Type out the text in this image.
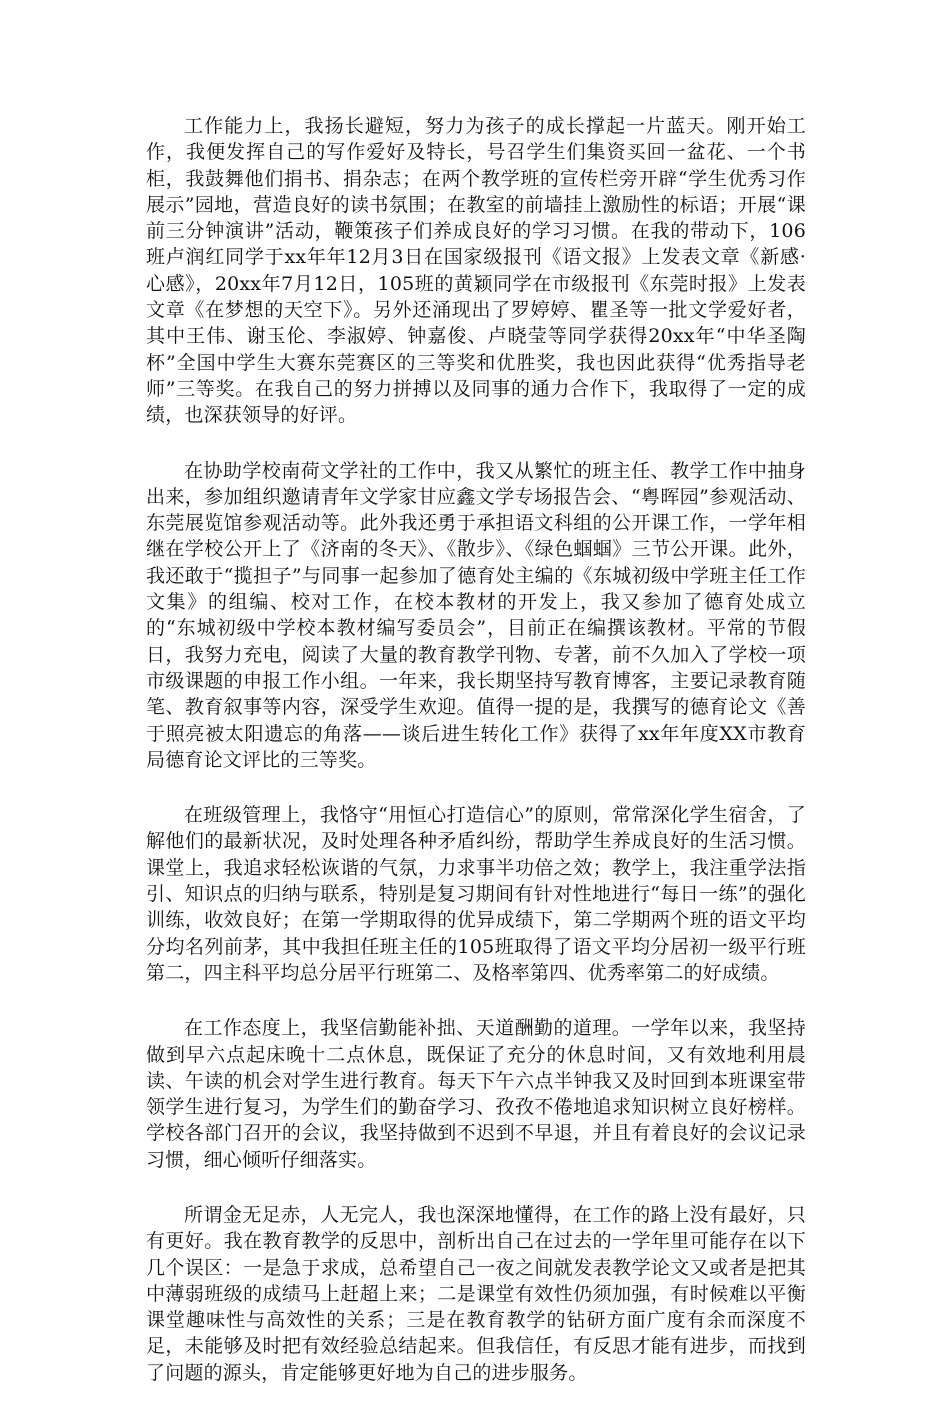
工作能力上，我扬长避短，努力为孩子的成长撑起一片蓝天。刚开始工作，我便发挥自己的写作爱好及特长，号召学生们集资买回一盆花、一个书柜，我鼓舞他们捐书、捐杂志；在两个教学班的宣传栏旁开辟“学生优秀习作展示”园地，营造良好的读书氛围；在教室的前墙挂上激励性的标语；开展“课前三分钟演讲”活动，鞭策孩子们养成良好的学习习惯。在我的带动下，106班卢润红同学于xx年年12月3日在国家级报刊《语文报》上发表文章《新感·心感》，20xx年7月12日，105班的黄颖同学在市级报刊《东莞时报》上发表文章《在梦想的天空下》。另外还涌现出了罗婷婷、瞿圣等一批文学爱好者，其中王伟、谢玉伦、李淑婷、钟嘉俊、卢晓莹等同学获得20xx年“中华圣陶杯”全国中学生大赛东莞赛区的三等奖和优胜奖，我也因此获得“优秀指导老师”三等奖。在我自己的努力拼搏以及同事的通力合作下，我取得了一定的成绩，也深获领导的好评。

在协助学校南荷文学社的工作中，我又从繁忙的班主任、教学工作中抽身出来，参加组织邀请青年文学家甘应鑫文学专场报告会、“粤晖园”参观活动、东莞展览馆参观活动等。此外我还勇于承担语文科组的公开课工作，一学年相继在学校公开上了《济南的冬天》、《散步》、《绿色蝈蝈》三节公开课。此外，我还敢于“揽担子”与同事一起参加了德育处主编的《东城初级中学班主任工作文集》的组编、校对工作，在校本教材的开发上，我又参加了德育处成立的“东城初级中学校本教材编写委员会”，目前正在编撰该教材。平常的节假日，我努力充电，阅读了大量的教育教学刊物、专著，前不久加入了学校一项市级课题的申报工作小组。一年来，我长期坚持写教育博客，主要记录教育随笔、教育叙事等内容，深受学生欢迎。值得一提的是，我撰写的德育论文《善于照亮被太阳遗忘的角落——谈后进生转化工作》获得了xx年年度XX市教育局德育论文评比的三等奖。

在班级管理上，我恪守“用恒心打造信心”的原则，常常深化学生宿舍，了解他们的最新状况，及时处理各种矛盾纠纷，帮助学生养成良好的生活习惯。课堂上，我追求轻松诙谐的气氛，力求事半功倍之效；教学上，我注重学法指引、知识点的归纳与联系，特别是复习期间有针对性地进行“每日一练”的强化训练，收效良好；在第一学期取得的优异成绩下，第二学期两个班的语文平均分均名列前茅，其中我担任班主任的105班取得了语文平均分居初一级平行班第二，四主科平均总分居平行班第二、及格率第四、优秀率第二的好成绩。

在工作态度上，我坚信勤能补拙、天道酬勤的道理。一学年以来，我坚持做到早六点起床晚十二点休息，既保证了充分的休息时间，又有效地利用晨读、午读的机会对学生进行教育。每天下午六点半钟我又及时回到本班课室带领学生进行复习，为学生们的勤奋学习、孜孜不倦地追求知识树立良好榜样。学校各部门召开的会议，我坚持做到不迟到不早退，并且有着良好的会议记录习惯，细心倾听仔细落实。

所谓金无足赤，人无完人，我也深深地懂得，在工作的路上没有最好，只有更好。我在教育教学的反思中，剖析出自己在过去的一学年里可能存在以下几个误区：一是急于求成，总希望自己一夜之间就发表教学论文又或者是把其中薄弱班级的成绩马上赶超上来；二是课堂有效性仍须加强，有时候难以平衡课堂趣味性与高效性的关系；三是在教育教学的钻研方面广度有余而深度不足，未能够及时把有效经验总结起来。但我信任，有反思才能有进步，而找到了问题的源头，肯定能够更好地为自己的进步服务。
